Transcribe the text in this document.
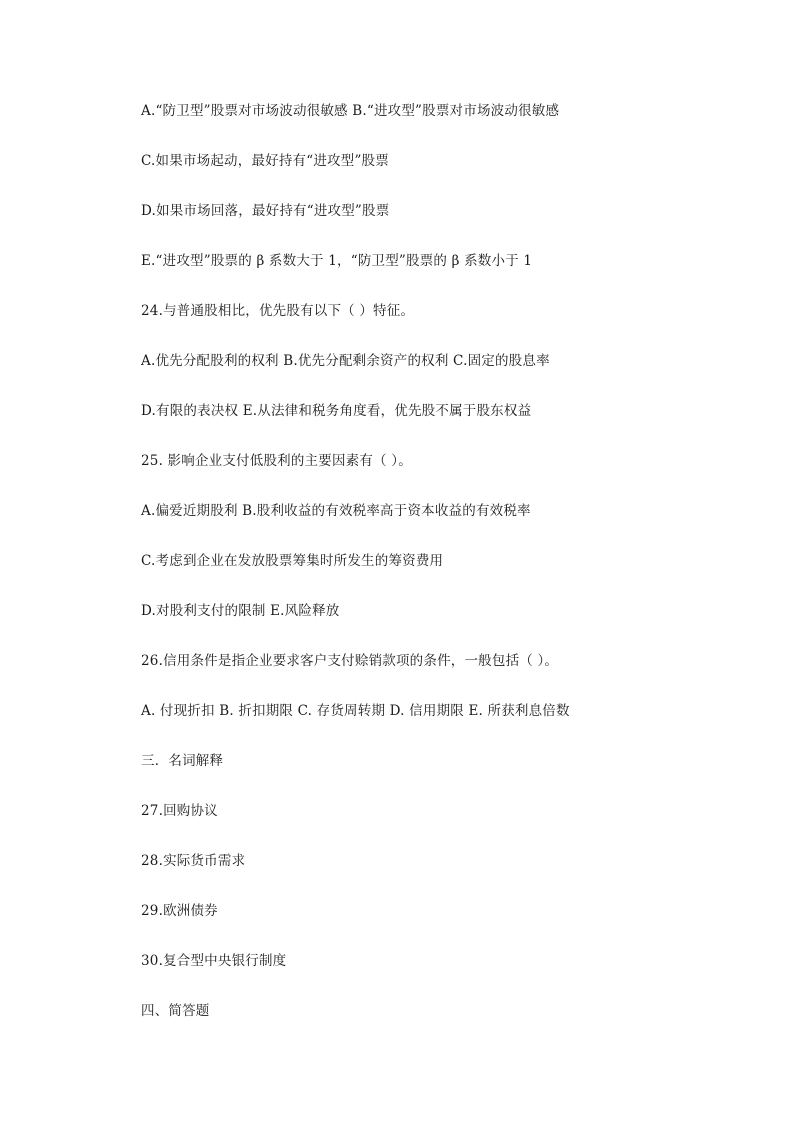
A.“防卫型”股票对市场波动很敏感 B.“进攻型”股票对市场波动很敏感
C.如果市场起动，最好持有“进攻型”股票
D.如果市场回落，最好持有“进攻型”股票
E.“进攻型”股票的 β 系数大于 1，“防卫型”股票的 β 系数小于 1
24.与普通股相比，优先股有以下（ ）特征。
A.优先分配股利的权利 B.优先分配剩余资产的权利 C.固定的股息率
D.有限的表决权 E.从法律和税务角度看，优先股不属于股东权益
25. 影响企业支付低股利的主要因素有（ ）。
A.偏爱近期股利 B.股利收益的有效税率高于资本收益的有效税率
C.考虑到企业在发放股票筹集时所发生的筹资费用
D.对股利支付的限制 E.风险释放
26.信用条件是指企业要求客户支付赊销款项的条件，一般包括（ ）。
A. 付现折扣 B. 折扣期限 C. 存货周转期 D. 信用期限 E. 所获利息倍数
三．名词解释
27.回购协议
28.实际货币需求
29.欧洲债券
30.复合型中央银行制度
四、简答题
